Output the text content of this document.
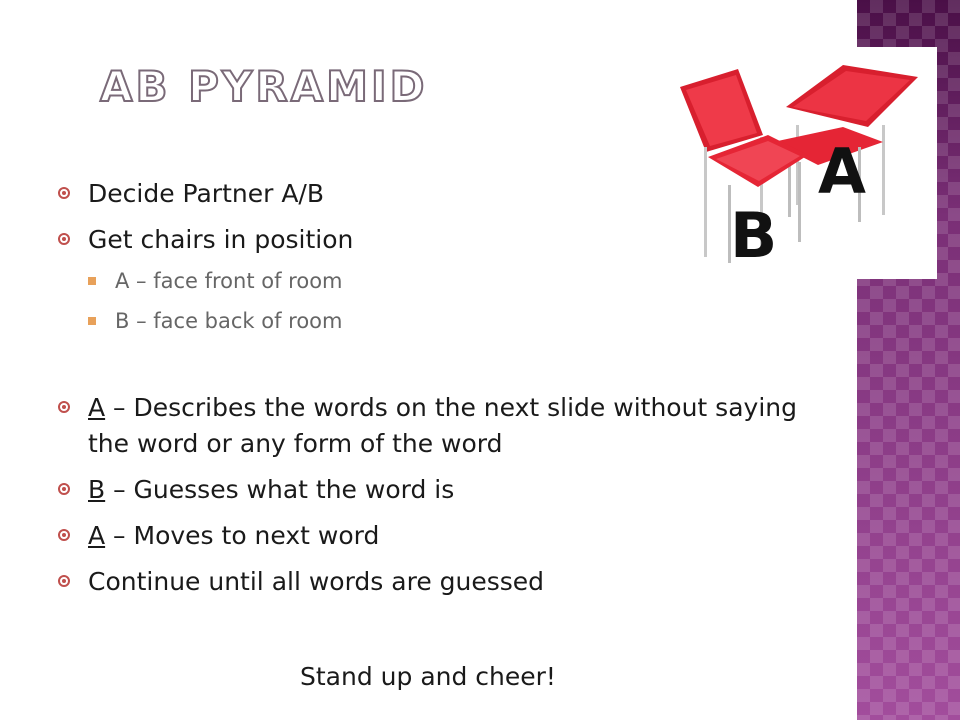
AB PYRAMID
A
B
Decide Partner A/B
Get chairs in position
A – face front of room
B – face back of room
A – Describes the words on the next slide without saying the word or any form of the word
B – Guesses what the word is
A – Moves to next word
Continue until all words are guessed
Stand up and cheer!
